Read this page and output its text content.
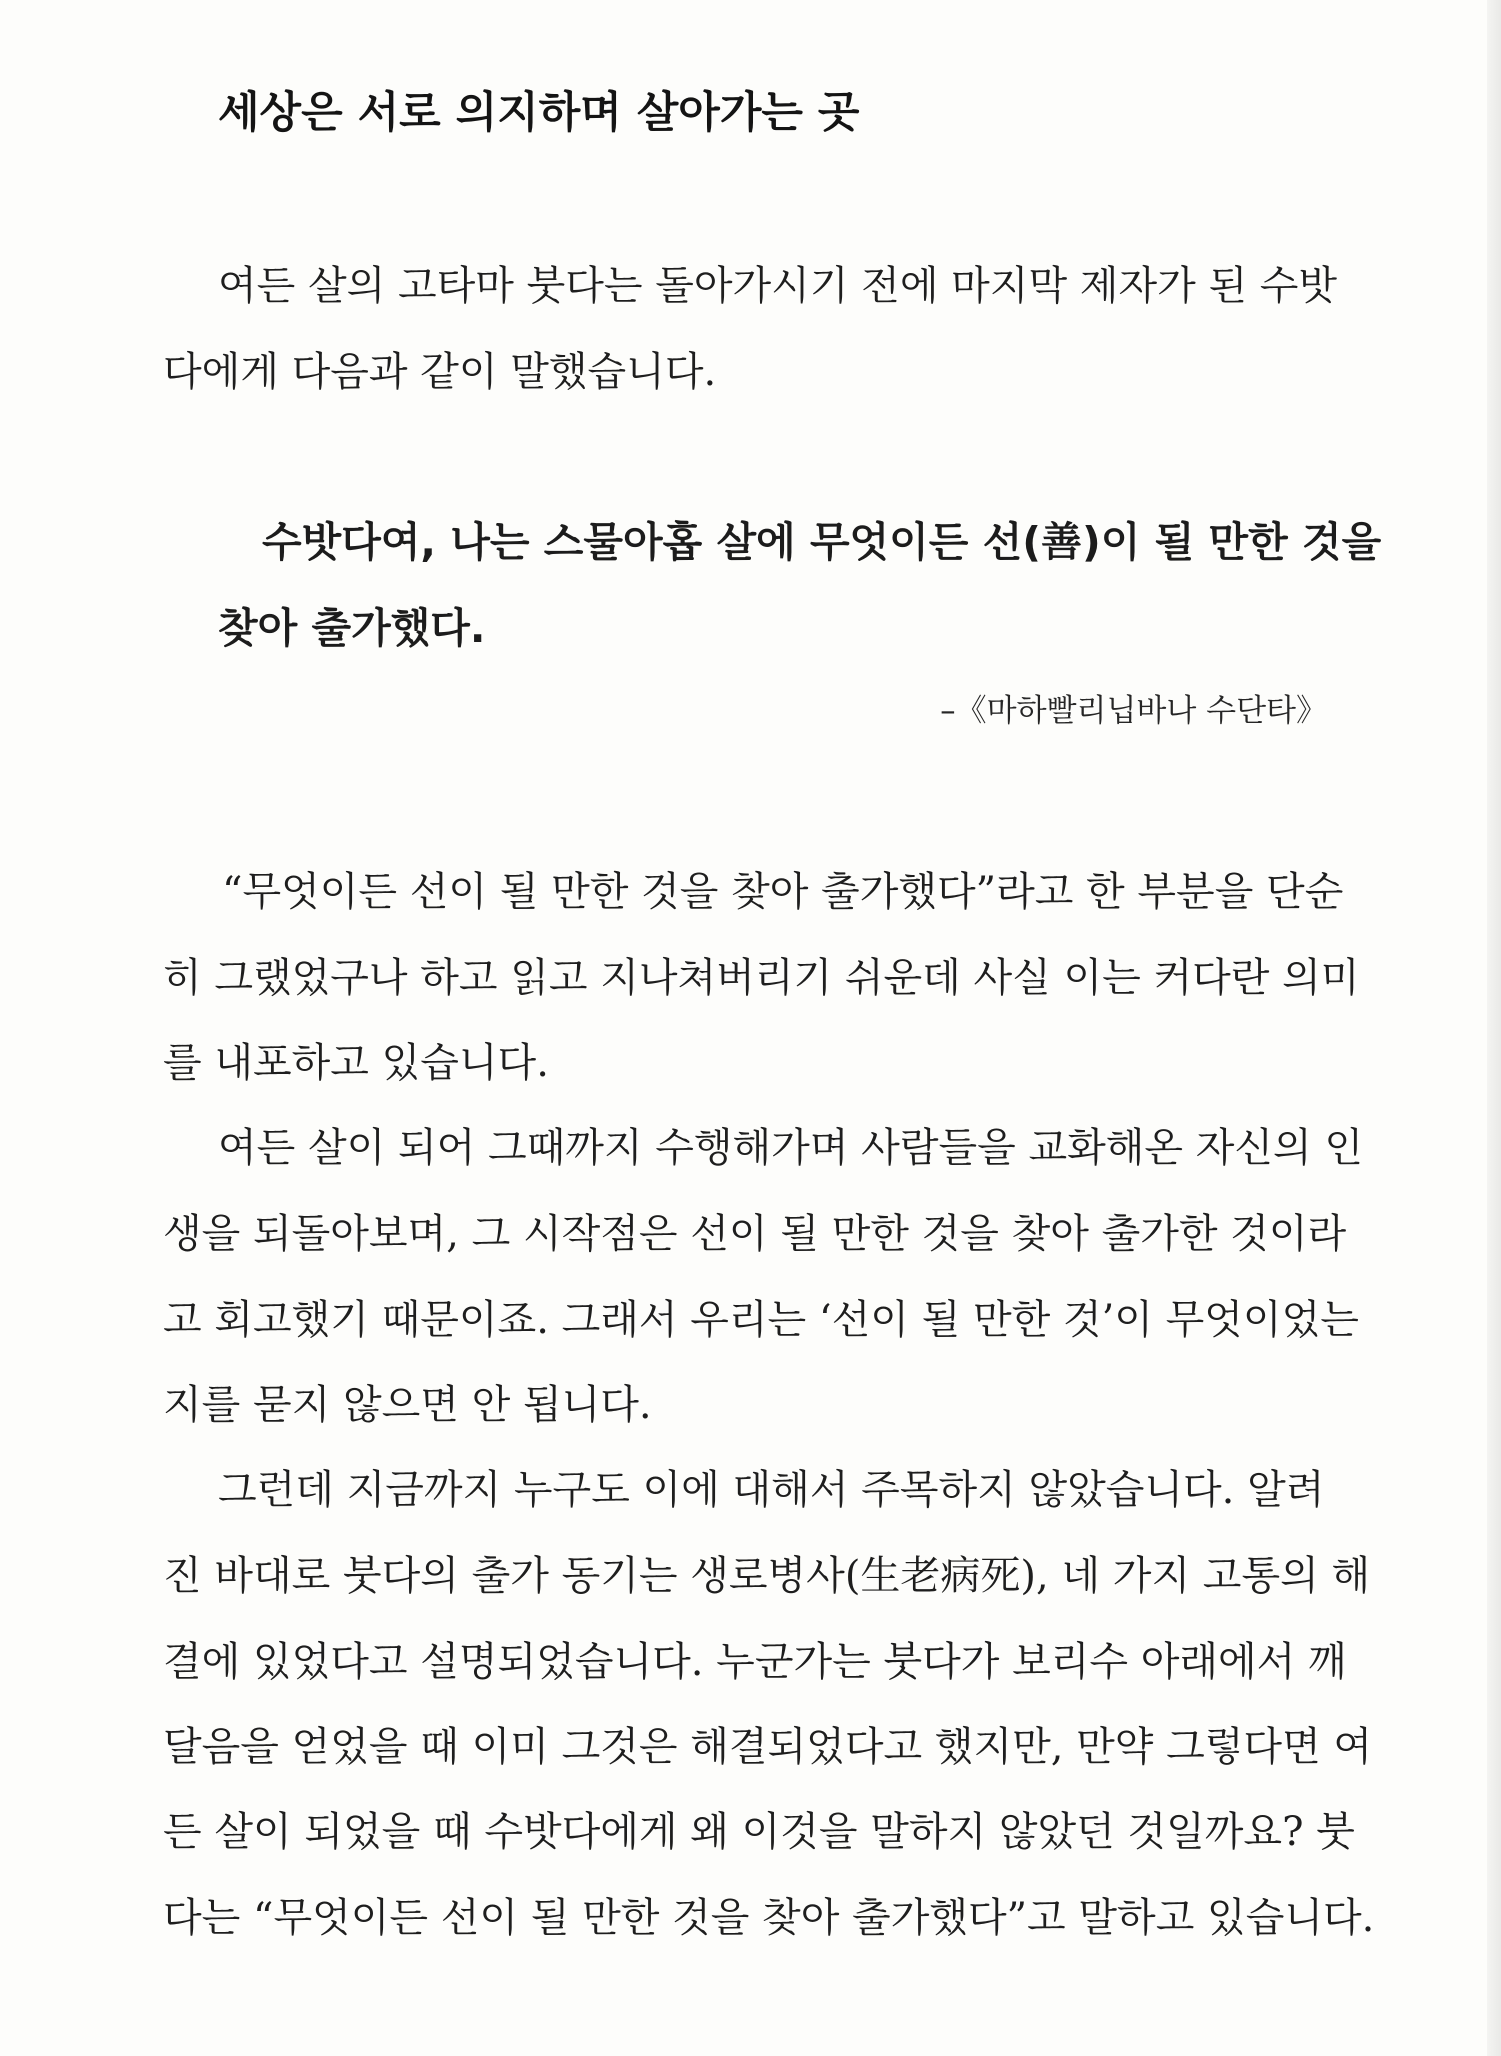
세상은 서로 의지하며 살아가는 곳
여든 살의 고타마 붓다는 돌아가시기 전에 마지막 제자가 된 수밧
다에게 다음과 같이 말했습니다.
수밧다여, 나는 스물아홉 살에 무엇이든 선(善)이 될 만한 것을
찾아 출가했다.
–《마하빨리닙바나 수단타》
“무엇이든 선이 될 만한 것을 찾아 출가했다”라고 한 부분을 단순
히 그랬었구나 하고 읽고 지나쳐버리기 쉬운데 사실 이는 커다란 의미
를 내포하고 있습니다.
여든 살이 되어 그때까지 수행해가며 사람들을 교화해온 자신의 인
생을 되돌아보며, 그 시작점은 선이 될 만한 것을 찾아 출가한 것이라
고 회고했기 때문이죠. 그래서 우리는 ‘선이 될 만한 것’이 무엇이었는
지를 묻지 않으면 안 됩니다.
그런데 지금까지 누구도 이에 대해서 주목하지 않았습니다. 알려
진 바대로 붓다의 출가 동기는 생로병사(生老病死), 네 가지 고통의 해
결에 있었다고 설명되었습니다. 누군가는 붓다가 보리수 아래에서 깨
달음을 얻었을 때 이미 그것은 해결되었다고 했지만, 만약 그렇다면 여
든 살이 되었을 때 수밧다에게 왜 이것을 말하지 않았던 것일까요? 붓
다는 “무엇이든 선이 될 만한 것을 찾아 출가했다”고 말하고 있습니다.
